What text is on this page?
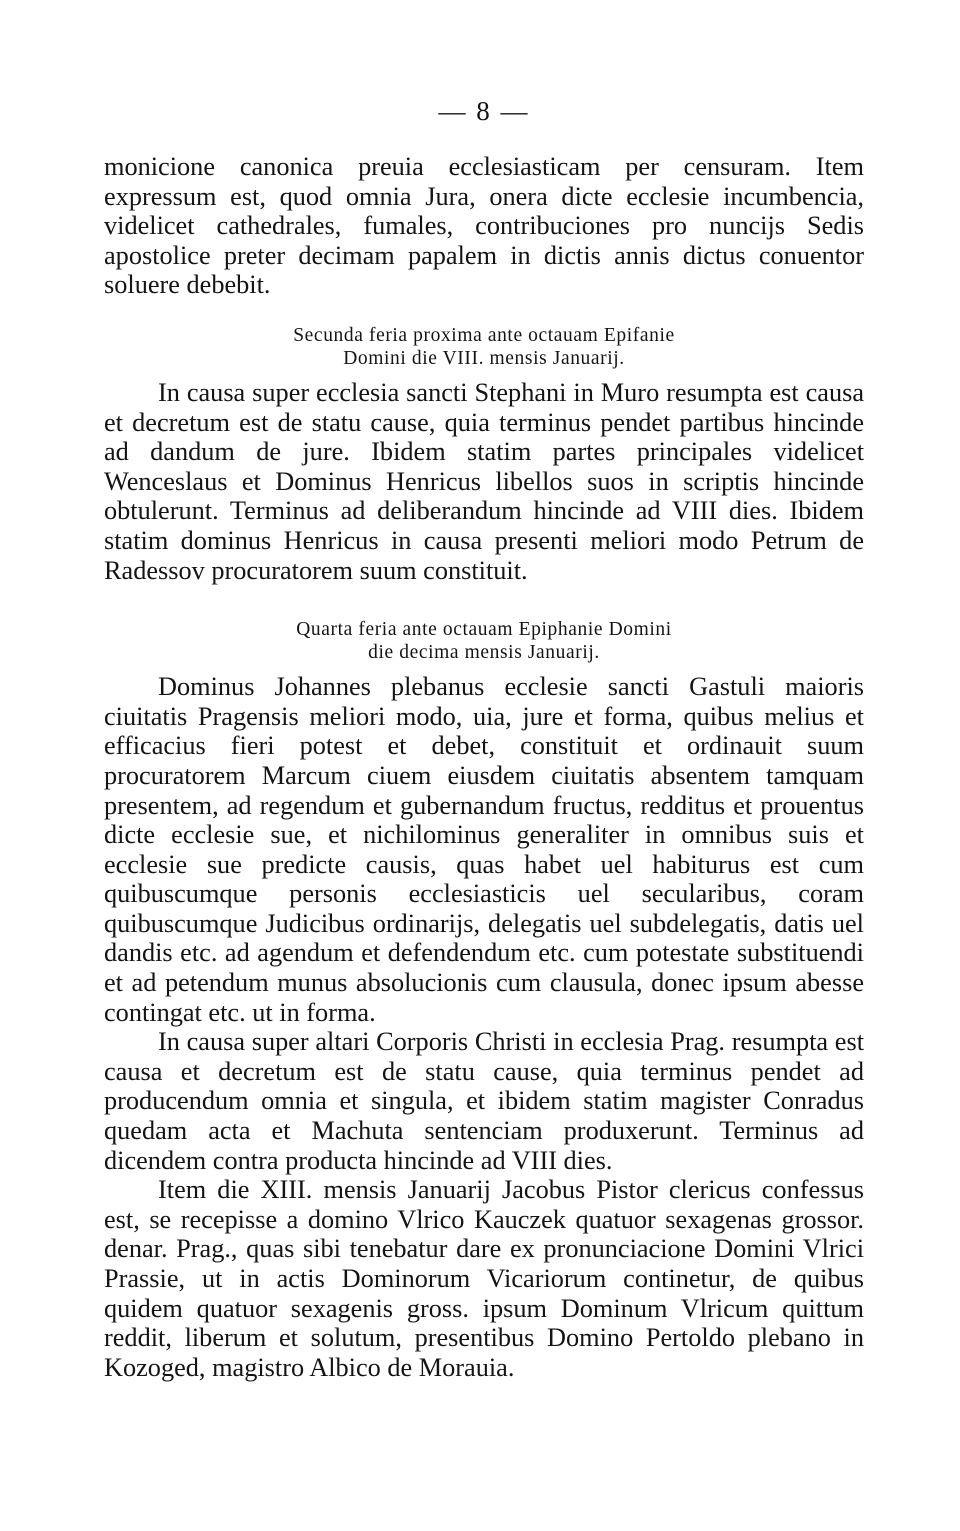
— 8 —

monicione canonica preuia ecclesiasticam per censuram. Item expressum est, quod omnia Jura, onera dicte ecclesie incumbencia, videlicet cathedrales, fumales, contribuciones pro nuncijs Sedis apostolice preter decimam papalem in dictis annis dictus conuentor soluere debebit.

Secunda feria proxima ante octauam Epifanie
Domini die VIII. mensis Januarij.

In causa super ecclesia sancti Stephani in Muro resumpta est causa et decretum est de statu cause, quia terminus pendet partibus hincinde ad dandum de jure. Ibidem statim partes principales videlicet Wenceslaus et Dominus Henricus libellos suos in scriptis hincinde obtulerunt. Terminus ad deliberandum hincinde ad VIII dies. Ibidem statim dominus Henricus in causa presenti meliori modo Petrum de Radessov procuratorem suum constituit.

Quarta feria ante octauam Epiphanie Domini
die decima mensis Januarij.

Dominus Johannes plebanus ecclesie sancti Gastuli maioris ciuitatis Pragensis meliori modo, uia, jure et forma, quibus melius et efficacius fieri potest et debet, constituit et ordinauit suum procuratorem Marcum ciuem eiusdem ciuitatis absentem tamquam presentem, ad regendum et gubernandum fructus, redditus et prouentus dicte ecclesie sue, et nichilominus generaliter in omnibus suis et ecclesie sue predicte causis, quas habet uel habiturus est cum quibuscumque personis ecclesiasticis uel secularibus, coram quibuscumque Judicibus ordinarijs, delegatis uel subdelegatis, datis uel dandis etc. ad agendum et defendendum etc. cum potestate substituendi et ad petendum munus absolucionis cum clausula, donec ipsum abesse contingat etc. ut in forma.

In causa super altari Corporis Christi in ecclesia Prag. resumpta est causa et decretum est de statu cause, quia terminus pendet ad producendum omnia et singula, et ibidem statim magister Conradus quedam acta et Machuta sentenciam produxerunt. Terminus ad dicendem contra producta hincinde ad VIII dies.

Item die XIII. mensis Januarij Jacobus Pistor clericus confessus est, se recepisse a domino Vlrico Kauczek quatuor sexagenas grossor. denar. Prag., quas sibi tenebatur dare ex pronunciacione Domini Vlrici Prassie, ut in actis Dominorum Vicariorum continetur, de quibus quidem quatuor sexagenis gross. ipsum Dominum Vlricum quittum reddit, liberum et solutum, presentibus Domino Pertoldo plebano in Kozoged, magistro Albico de Morauia.
